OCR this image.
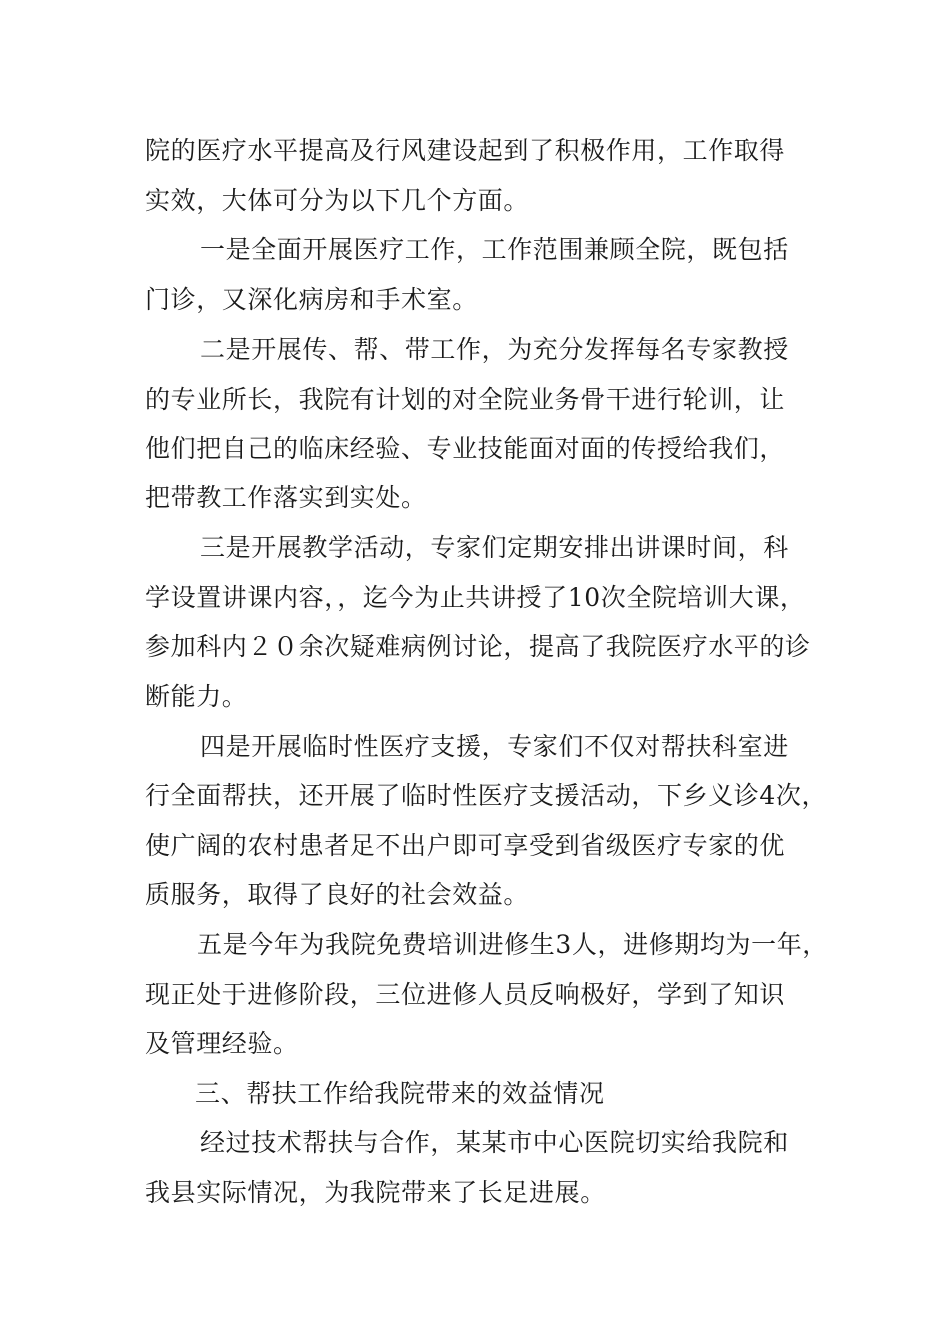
院的医疗水平提高及行风建设起到了积极作用，工作取得
实效，大体可分为以下几个方面。
一是全面开展医疗工作，工作范围兼顾全院，既包括
门诊，又深化病房和手术室。
二是开展传、帮、带工作，为充分发挥每名专家教授
的专业所长，我院有计划的对全院业务骨干进行轮训，让
他们把自己的临床经验、专业技能面对面的传授给我们，
把带教工作落实到实处。
三是开展教学活动，专家们定期安排出讲课时间，科
学设置讲课内容，，迄今为止共讲授了10次全院培训大课，
参加科内２０余次疑难病例讨论，提高了我院医疗水平的诊
断能力。
四是开展临时性医疗支援，专家们不仅对帮扶科室进
行全面帮扶，还开展了临时性医疗支援活动，下乡义诊4次，
使广阔的农村患者足不出户即可享受到省级医疗专家的优
质服务，取得了良好的社会效益。
五是今年为我院免费培训进修生3人，进修期均为一年，
现正处于进修阶段，三位进修人员反响极好，学到了知识
及管理经验。
三、帮扶工作给我院带来的效益情况
经过技术帮扶与合作，某某市中心医院切实给我院和
我县实际情况，为我院带来了长足进展。
